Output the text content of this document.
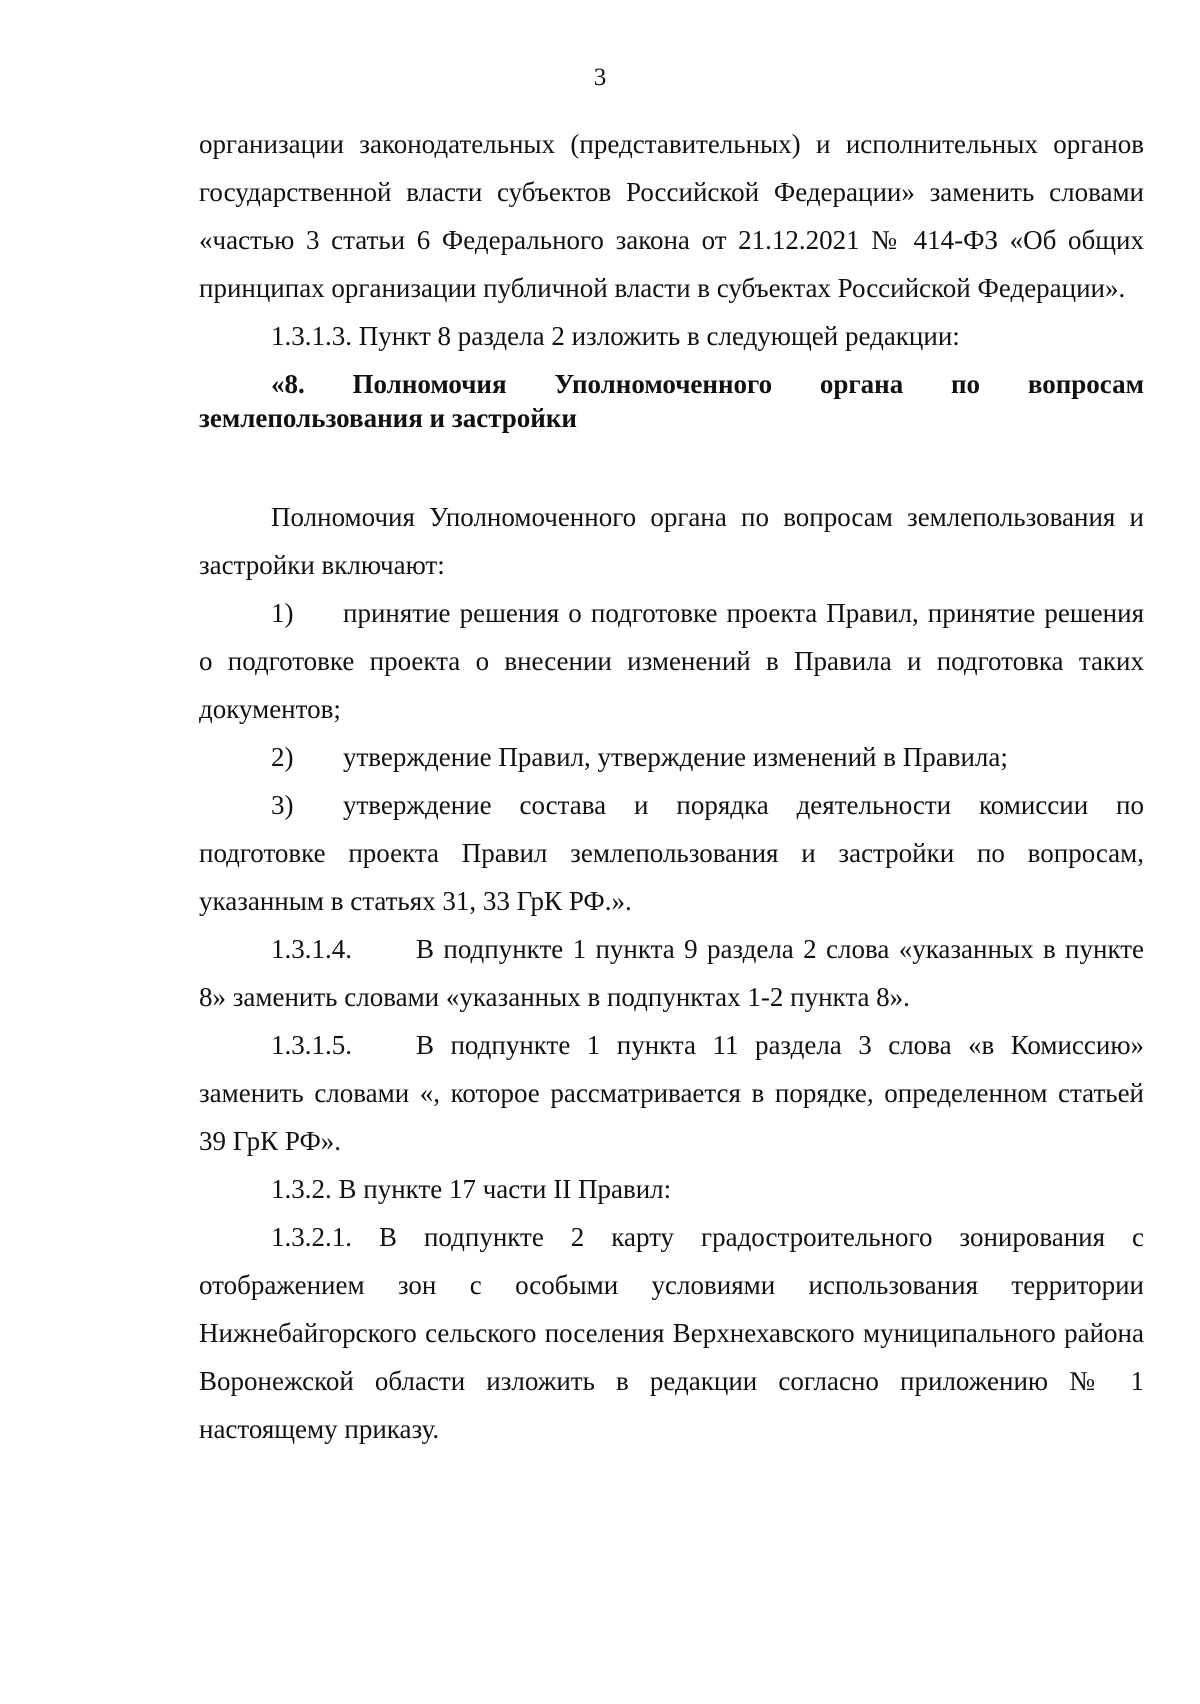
3

организации законодательных (представительных) и исполнительных органов государственной власти субъектов Российской Федерации» заменить словами «частью 3 статьи 6 Федерального закона от 21.12.2021 № 414-ФЗ «Об общих принципах организации публичной власти в субъектах Российской Федерации».

1.3.1.3. Пункт 8 раздела 2 изложить в следующей редакции:

«8. Полномочия Уполномоченного органа по вопросам землепользования и застройки

Полномочия Уполномоченного органа по вопросам землепользования и застройки включают:

1) принятие решения о подготовке проекта Правил, принятие решения о подготовке проекта о внесении изменений в Правила и подготовка таких документов;

2) утверждение Правил, утверждение изменений в Правила;

3) утверждение состава и порядка деятельности комиссии по подготовке проекта Правил землепользования и застройки по вопросам, указанным в статьях 31, 33 ГрК РФ.».

1.3.1.4. В подпункте 1 пункта 9 раздела 2 слова «указанных в пункте 8» заменить словами «указанных в подпунктах 1-2 пункта 8».

1.3.1.5. В подпункте 1 пункта 11 раздела 3 слова «в Комиссию» заменить словами «, которое рассматривается в порядке, определенном статьей 39 ГрК РФ».

1.3.2. В пункте 17 части II Правил:

1.3.2.1. В подпункте 2 карту градостроительного зонирования с отображением зон с особыми условиями использования территории Нижнебайгорского сельского поселения Верхнехавского муниципального района Воронежской области изложить в редакции согласно приложению № 1 настоящему приказу.
